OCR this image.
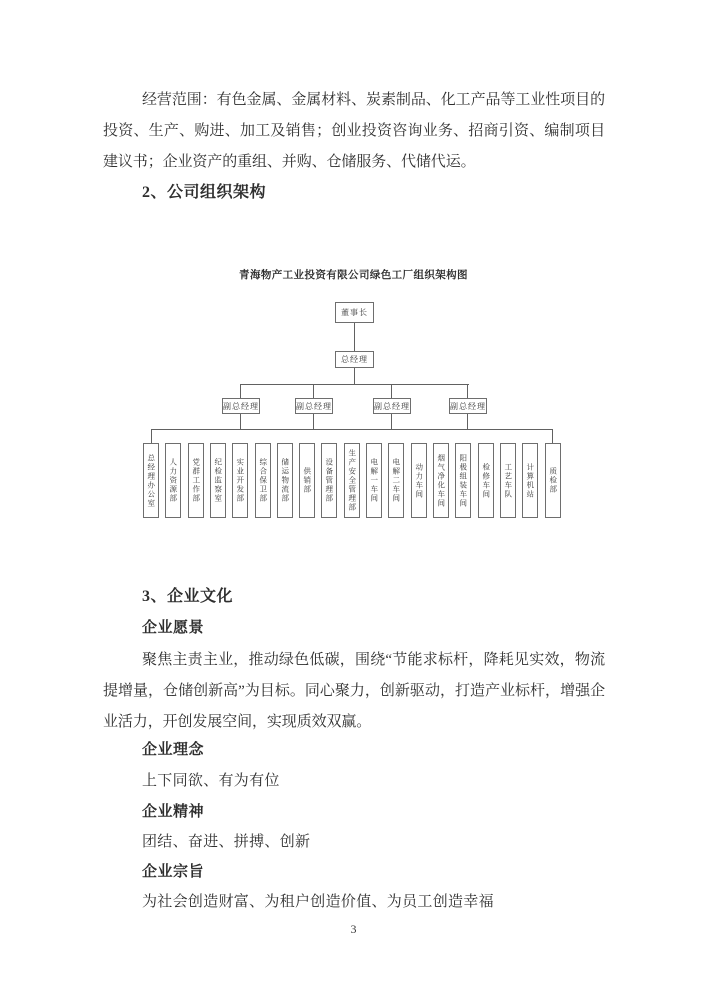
经营范围：有色金属、金属材料、炭素制品、化工产品等工业性项目的投资、生产、购进、加工及销售；创业投资咨询业务、招商引资、编制项目建议书；企业资产的重组、并购、仓储服务、代储代运。

2、公司组织架构
青海物产工业投资有限公司绿色工厂组织架构图
董事长
总经理
副总经理	副总经理	副总经理	副总经理
总经理办公室 人力资源部 党群工作部 纪检监察室 实业开发部 综合保卫部 储运物流部 供销部 设备管理部 生产安全管理部 电解一车间 电解二车间 动力车间 烟气净化车间 阳极组装车间 检修车间 工艺车队 计算机站 质检部
3、企业文化

企业愿景

聚焦主责主业，推动绿色低碳，围绕“节能求标杆，降耗见实效，物流提增量，仓储创新高”为目标。同心聚力，创新驱动，打造产业标杆，增强企业活力，开创发展空间，实现质效双赢。

企业理念

上下同欲、有为有位

企业精神

团结、奋进、拼搏、创新

企业宗旨

为社会创造财富、为租户创造价值、为员工创造幸福

3
